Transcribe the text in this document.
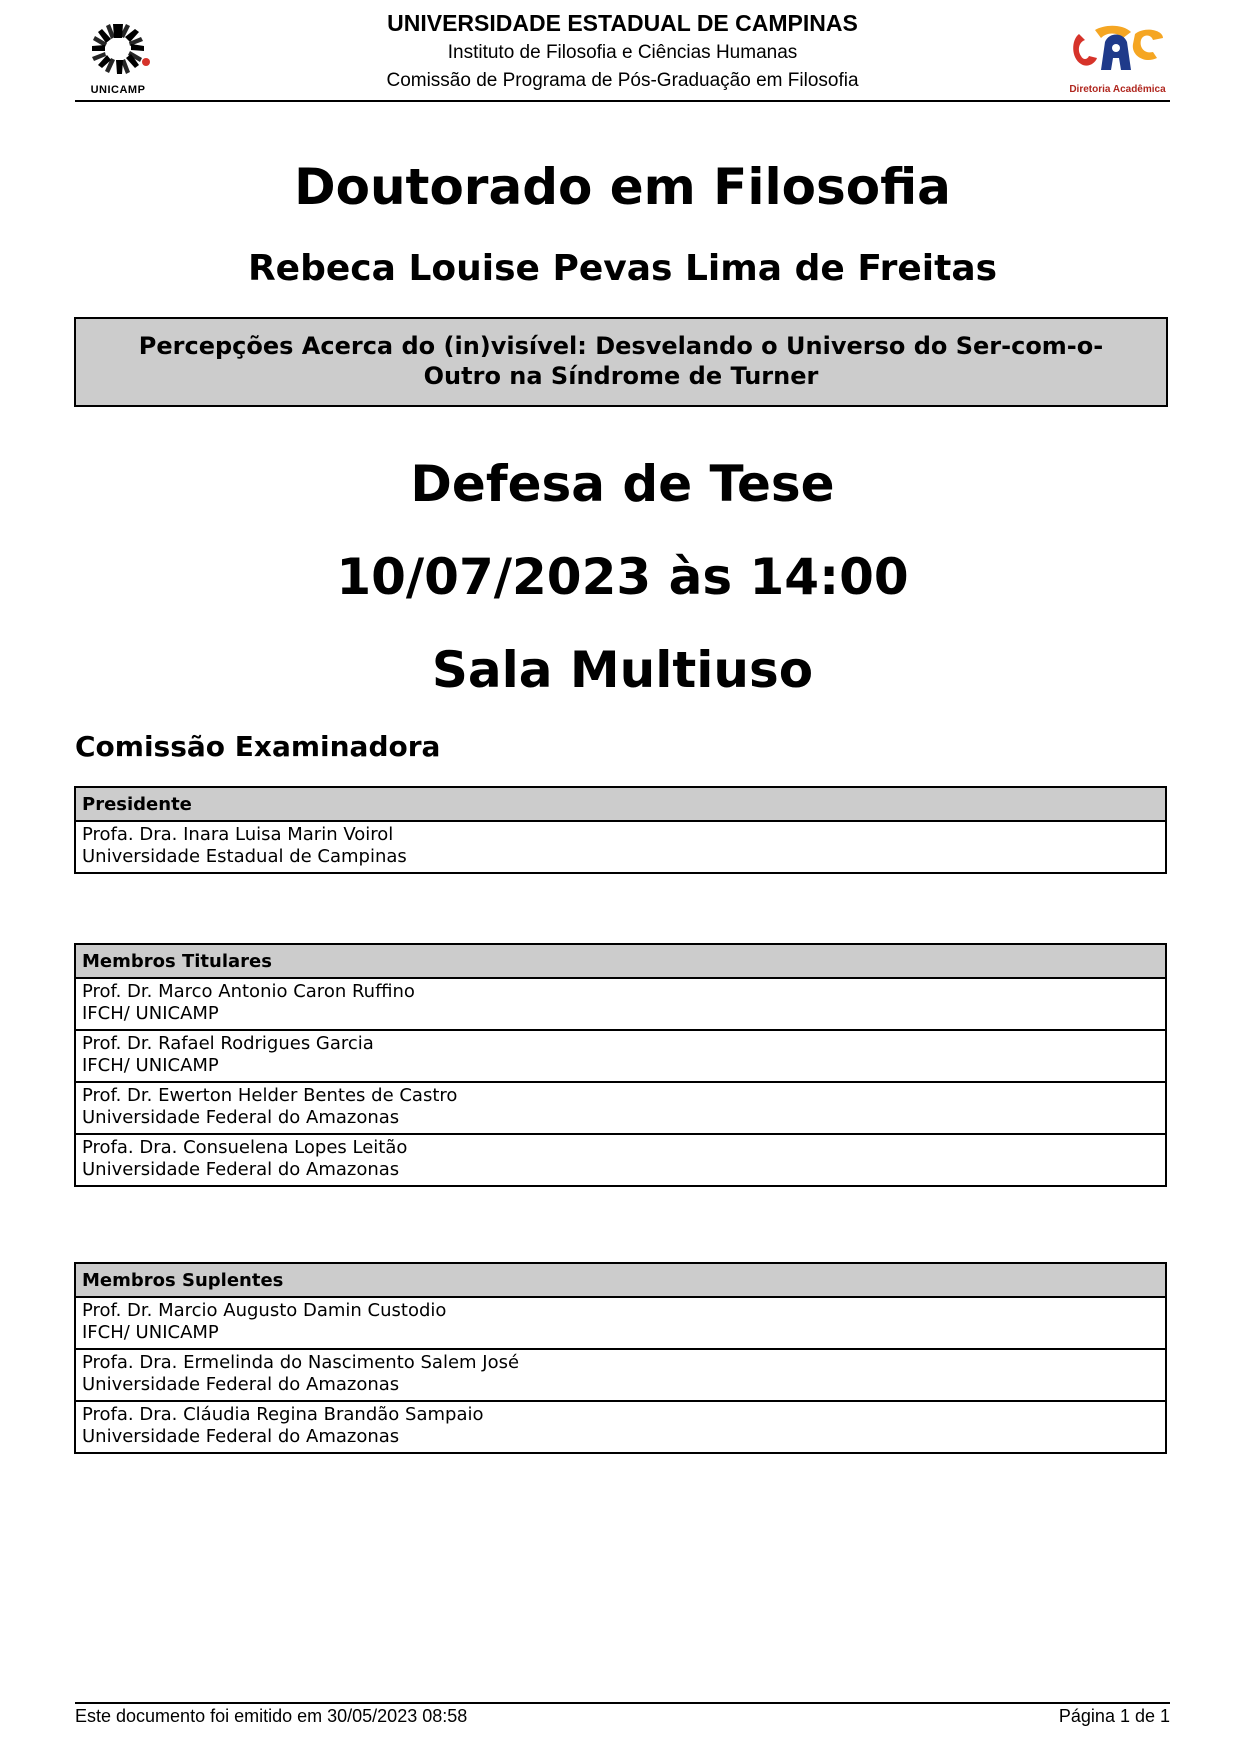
UNICAMP
UNIVERSIDADE ESTADUAL DE CAMPINAS
Instituto de Filosofia e Ciências Humanas
Comissão de Programa de Pós-Graduação em Filosofia	Diretoria Acadêmica
Doutorado em Filosofia
Rebeca Louise Pevas Lima de Freitas
Percepções Acerca do (in)visível: Desvelando o Universo do Ser-com-o-Outro na Síndrome de Turner
Defesa de Tese
10/07/2023 às 14:00
Sala Multiuso
Comissão Examinadora
Presidente

Profa. Dra. Inara Luisa Marin Voirol
Universidade Estadual de Campinas
Membros Titulares

Prof. Dr. Marco Antonio Caron Ruffino
IFCH/ UNICAMP

Prof. Dr. Rafael Rodrigues Garcia
IFCH/ UNICAMP

Prof. Dr. Ewerton Helder Bentes de Castro
Universidade Federal do Amazonas

Profa. Dra. Consuelena Lopes Leitão
Universidade Federal do Amazonas
Membros Suplentes

Prof. Dr. Marcio Augusto Damin Custodio
IFCH/ UNICAMP

Profa. Dra. Ermelinda do Nascimento Salem José
Universidade Federal do Amazonas

Profa. Dra. Cláudia Regina Brandão Sampaio
Universidade Federal do Amazonas
Este documento foi emitido em 30/05/2023 08:58	Página 1 de 1
